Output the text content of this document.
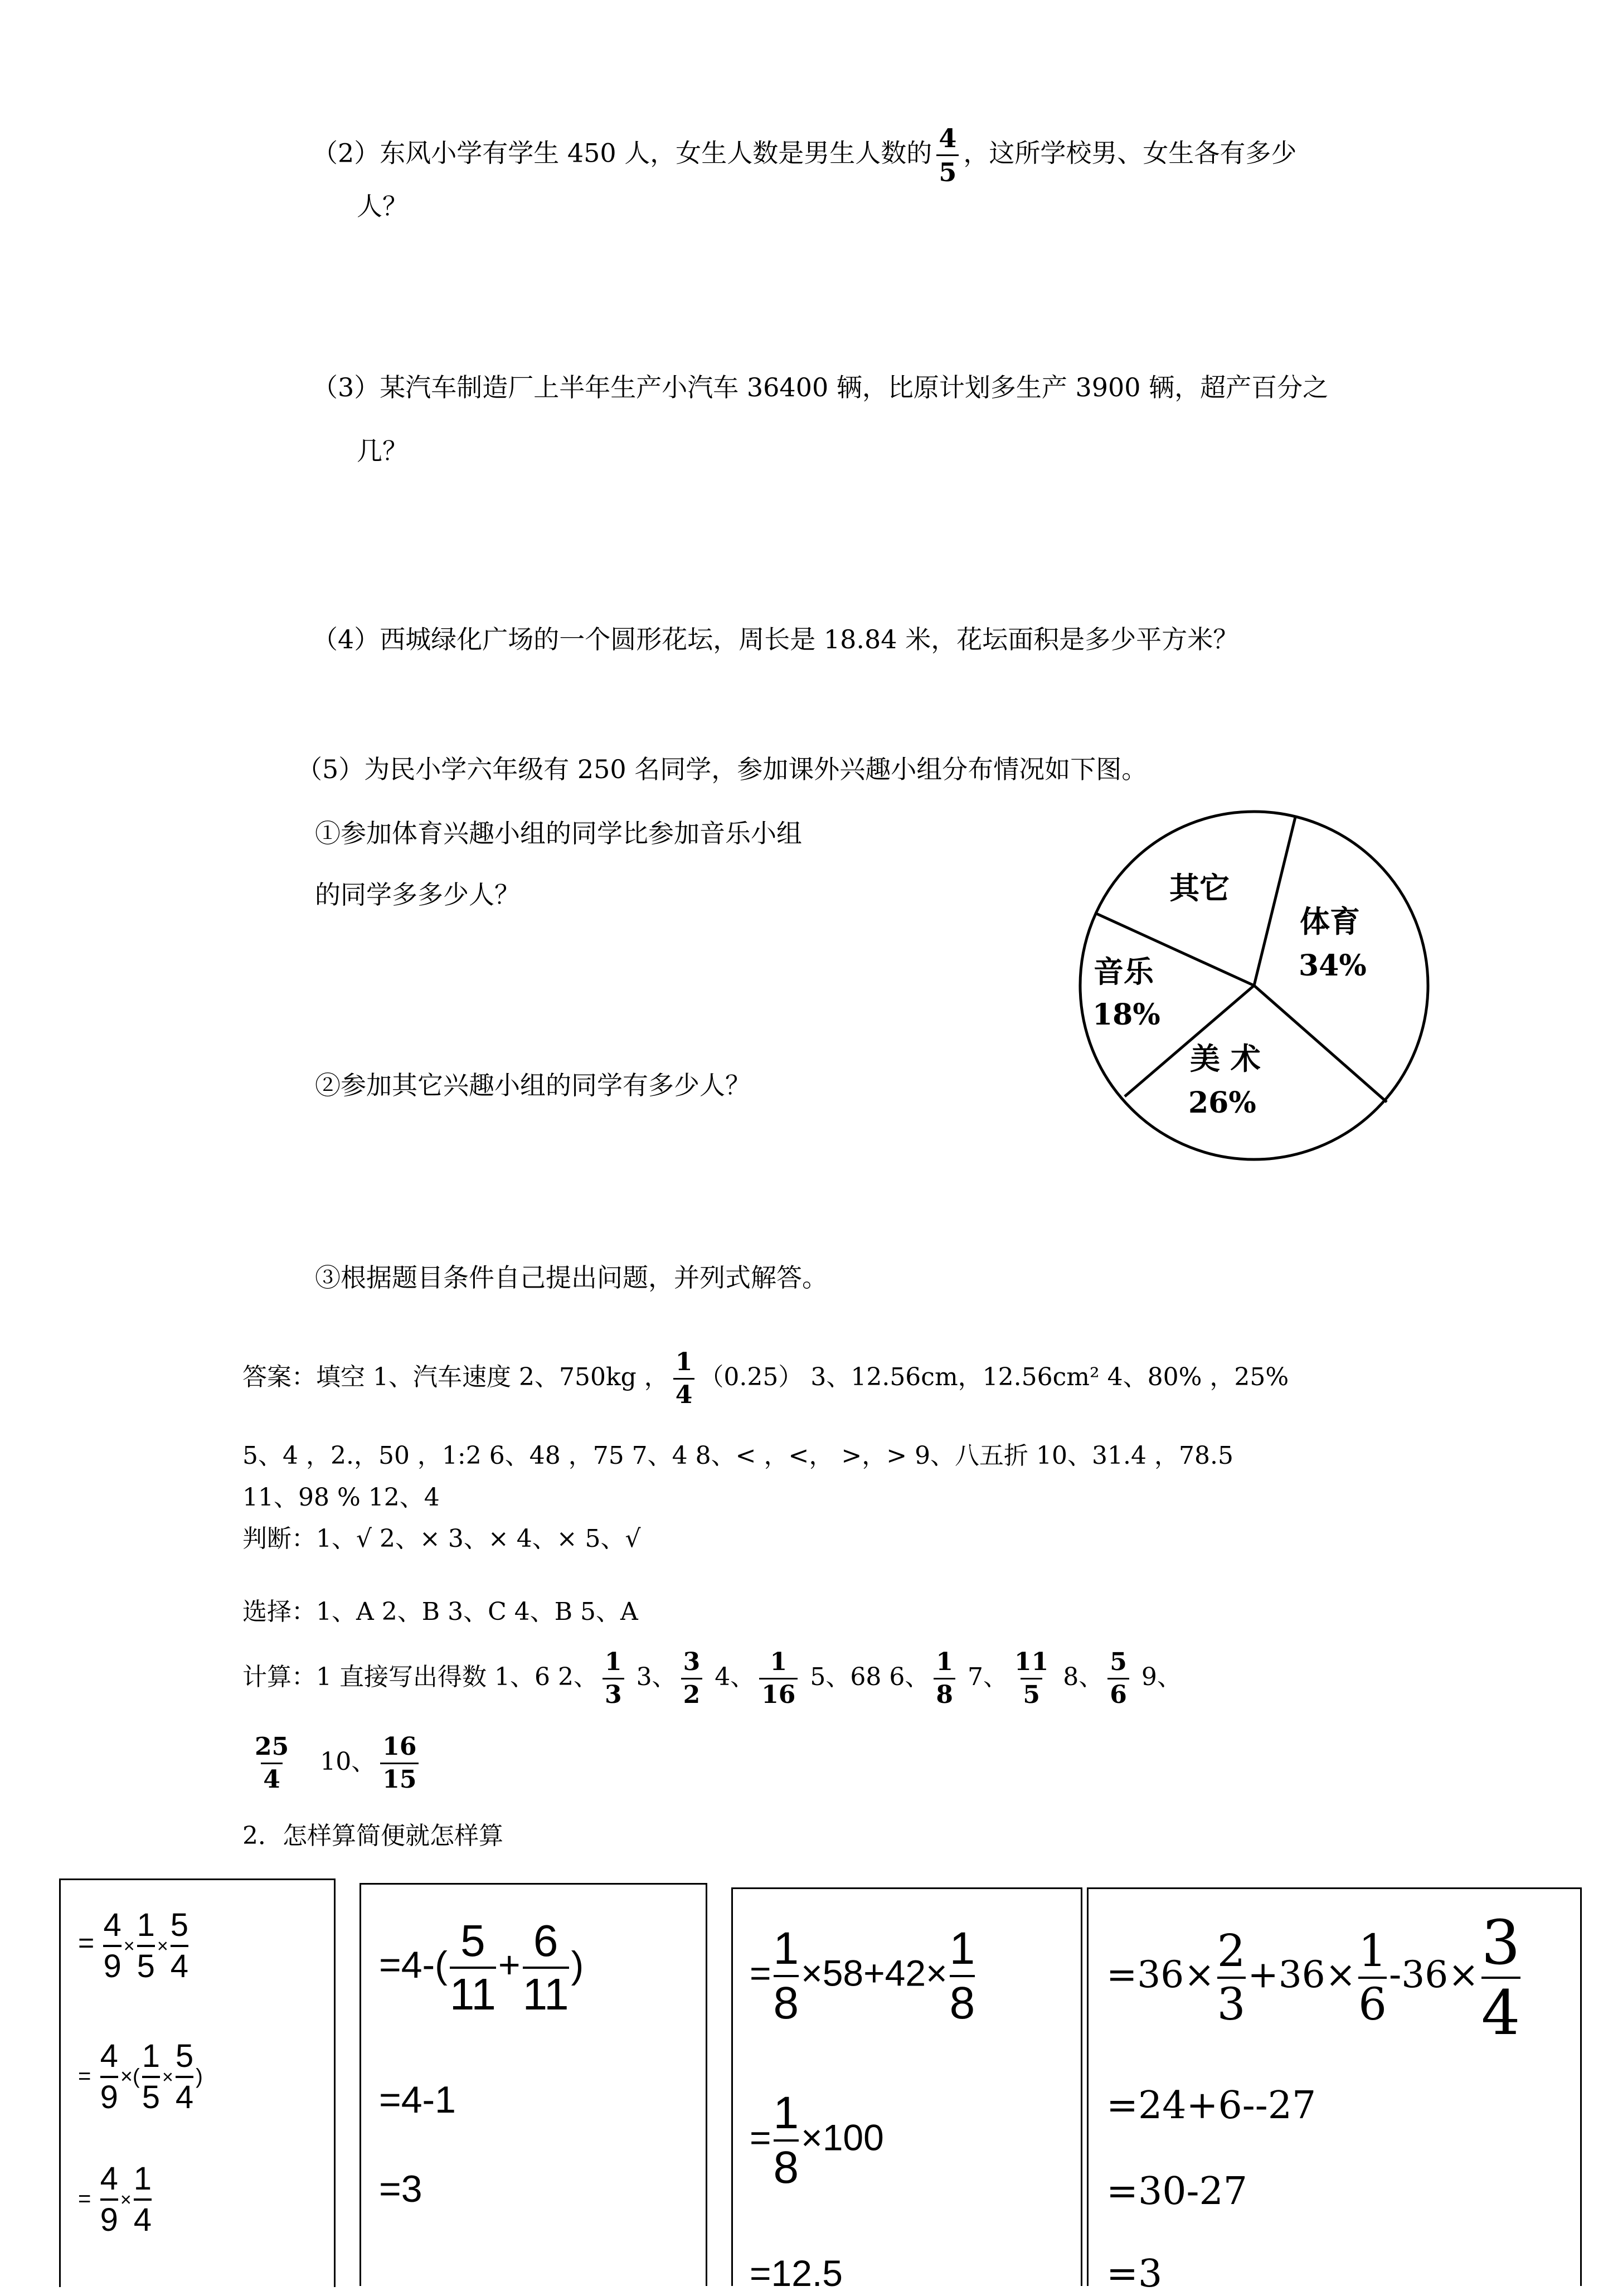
（2）东风小学有学生 450 人，女生人数是男生人数的 $\frac{4}{5}$ ，这所学校男、女生各有多少
人？
（3）某汽车制造厂上半年生产小汽车 36400 辆，比原计划多生产 3900 辆，超产百分之
几？
（4）西城绿化广场的一个圆形花坛，周长是 18.84 米，花坛面积是多少平方米？
（5）为民小学六年级有 250 名同学，参加课外兴趣小组分布情况如下图。
①参加体育兴趣小组的同学比参加音乐小组
的同学多多少人？
②参加其它兴趣小组的同学有多少人？
③根据题目条件自己提出问题，并列式解答。
其它
体育
34%
音乐
18%
美 术
26%
答案：填空 1、汽车速度 2、750kg ， $\frac{1}{4} (0.25)$ 3、12.56cm，12.56cm² 4、80% ，25%
5、4 ，2.，50 ，1:2 6、48 ，75 7、4 8、< ，<， >，> 9、八五折 10、31.4 ，78.5
11、98 % 12、4
判断：1、√ 2、× 3、× 4、× 5、√
选择：1、A 2、B 3、C 4、B 5、A
计算：1 直接写出得数 1、6 2、 $\frac{1}{3} 3$、 $\frac{3}{2} 4$、 $\frac{1}{16} 5$、68 6、 $\frac{1}{8} 7$、 $\frac{11}{5} 8$、 $\frac{5}{6} 9$、
$\frac{25}{4} 10$、 $\frac{16}{15}$
2．怎样算简便就怎样算
= $\frac{4}{9} \times \frac{1}{5} \times \frac{5}{4}$
= $\frac{4}{9}$ ×( $\frac{1}{5} \times \frac{5}{4}$ )
= $\frac{4}{9} \times \frac{1}{4}$
$=4-( \frac{5}{11} + \frac{6}{11}$ )
=4-1
=3
= $\frac{1}{8} \times 58+42\times \frac{1}{8}$
= $\frac{1}{8} \times 100$
=12.5
$=36\times \frac{2}{3} +36\times \frac{1}{6} -36\times \frac{3}{4}$
=24+6--27
=30-27
=3
